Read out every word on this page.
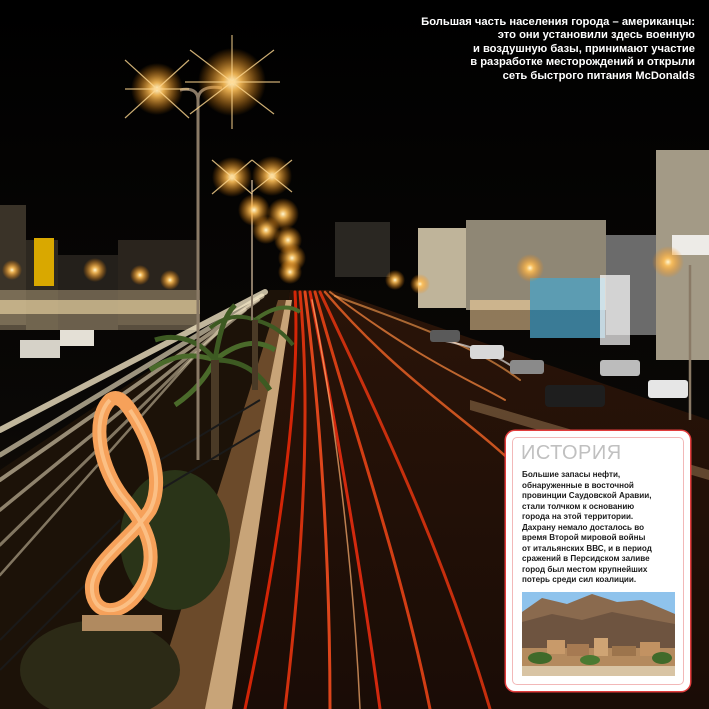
Большая часть населения города – американцы:
это они установили здесь военную
и воздушную базы, принимают участие
в разработке месторождений и открыли
сеть быстрого питания McDonalds
ИСТОРИЯ
Большие запасы нефти,
обнаруженные в восточной
провинции Саудовской Аравии,
стали толчком к основанию
города на этой территории.
Дахрану немало досталось во
время Второй мировой войны
от итальянских ВВС, и в период
сражений в Персидском заливе
город был местом крупнейших
потерь среди сил коалиции.
